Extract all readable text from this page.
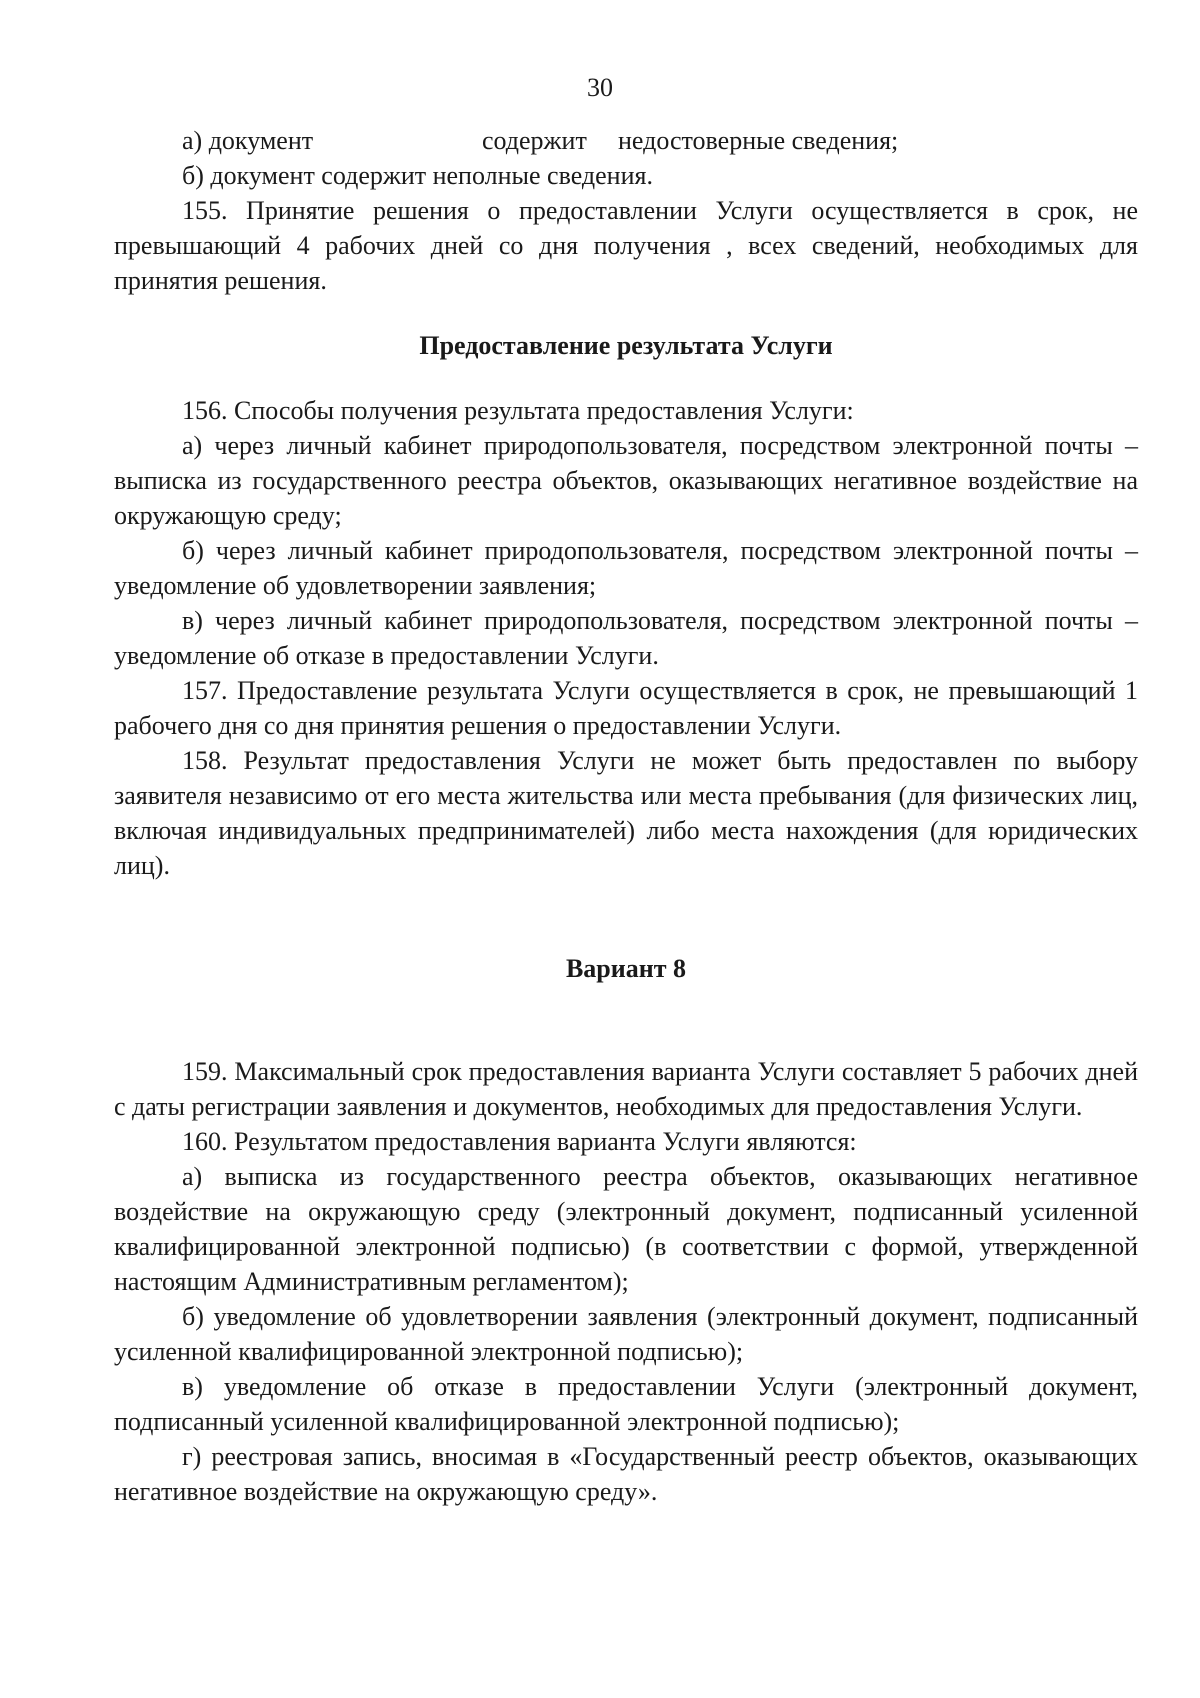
30
а) документ	содержит	недостоверные сведения;

б) документ содержит неполные сведения.

155. Принятие решения о предоставлении Услуги осуществляется в срок, не превышающий 4 рабочих дней со дня получения , всех сведений, необходимых для принятия решения.

Предоставление результата Услуги

156. Способы получения результата предоставления Услуги:

а) через личный кабинет природопользователя, посредством электронной почты – выписка из государственного реестра объектов, оказывающих негативное воздействие на окружающую среду;

б) через личный кабинет природопользователя, посредством электронной почты – уведомление об удовлетворении заявления;

в) через личный кабинет природопользователя, посредством электронной почты – уведомление об отказе в предоставлении Услуги.

157. Предоставление результата Услуги осуществляется в срок, не превышающий 1 рабочего дня со дня принятия решения о предоставлении Услуги.

158. Результат предоставления Услуги не может быть предоставлен по выбору заявителя независимо от его места жительства или места пребывания (для физических лиц, включая индивидуальных предпринимателей) либо места нахождения (для юридических лиц).

Вариант 8

159. Максимальный срок предоставления варианта Услуги составляет 5 рабочих дней с даты регистрации заявления и документов, необходимых для предоставления Услуги.

160. Результатом предоставления варианта Услуги являются:

а) выписка из государственного реестра объектов, оказывающих негативное воздействие на окружающую среду (электронный документ, подписанный усиленной квалифицированной электронной подписью) (в соответствии с формой, утвержденной настоящим Административным регламентом);

б) уведомление об удовлетворении заявления (электронный документ, подписанный усиленной квалифицированной электронной подписью);

в) уведомление об отказе в предоставлении Услуги (электронный документ, подписанный усиленной квалифицированной электронной подписью);

г) реестровая запись, вносимая в «Государственный реестр объектов, оказывающих негативное воздействие на окружающую среду».
